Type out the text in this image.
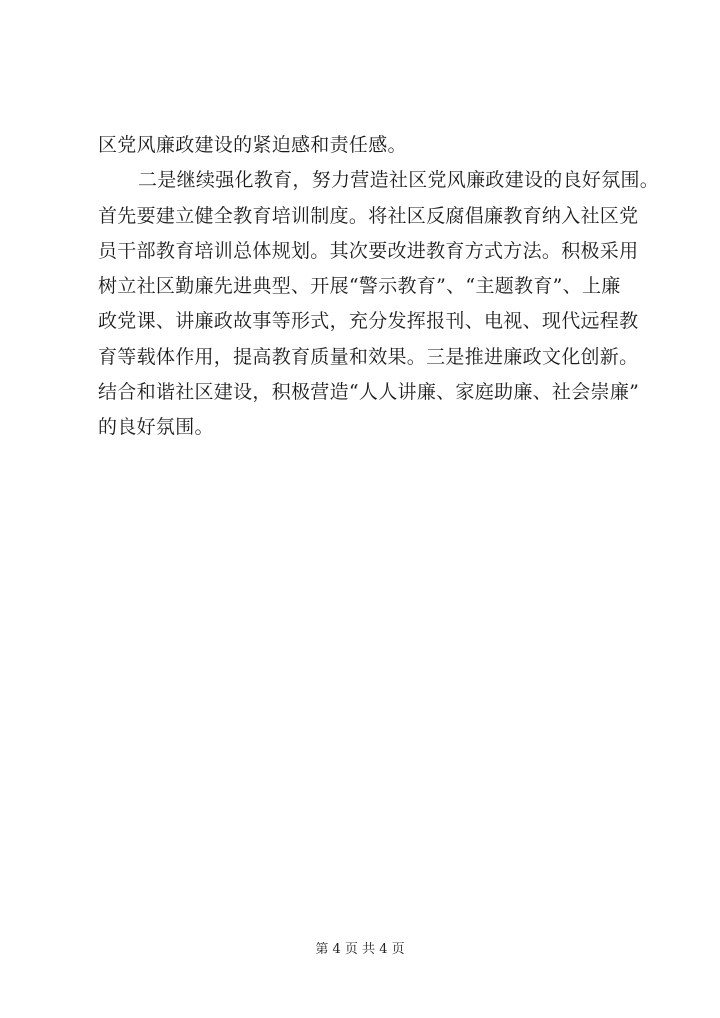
区党风廉政建设的紧迫感和责任感。
二是继续强化教育，努力营造社区党风廉政建设的良好氛围。
首先要建立健全教育培训制度。将社区反腐倡廉教育纳入社区党
员干部教育培训总体规划。其次要改进教育方式方法。积极采用
树立社区勤廉先进典型、开展“警示教育”、“主题教育”、上廉
政党课、讲廉政故事等形式，充分发挥报刊、电视、现代远程教
育等载体作用，提高教育质量和效果。三是推进廉政文化创新。
结合和谐社区建设，积极营造“人人讲廉、家庭助廉、社会崇廉”
的良好氛围。
第 4 页 共 4 页
